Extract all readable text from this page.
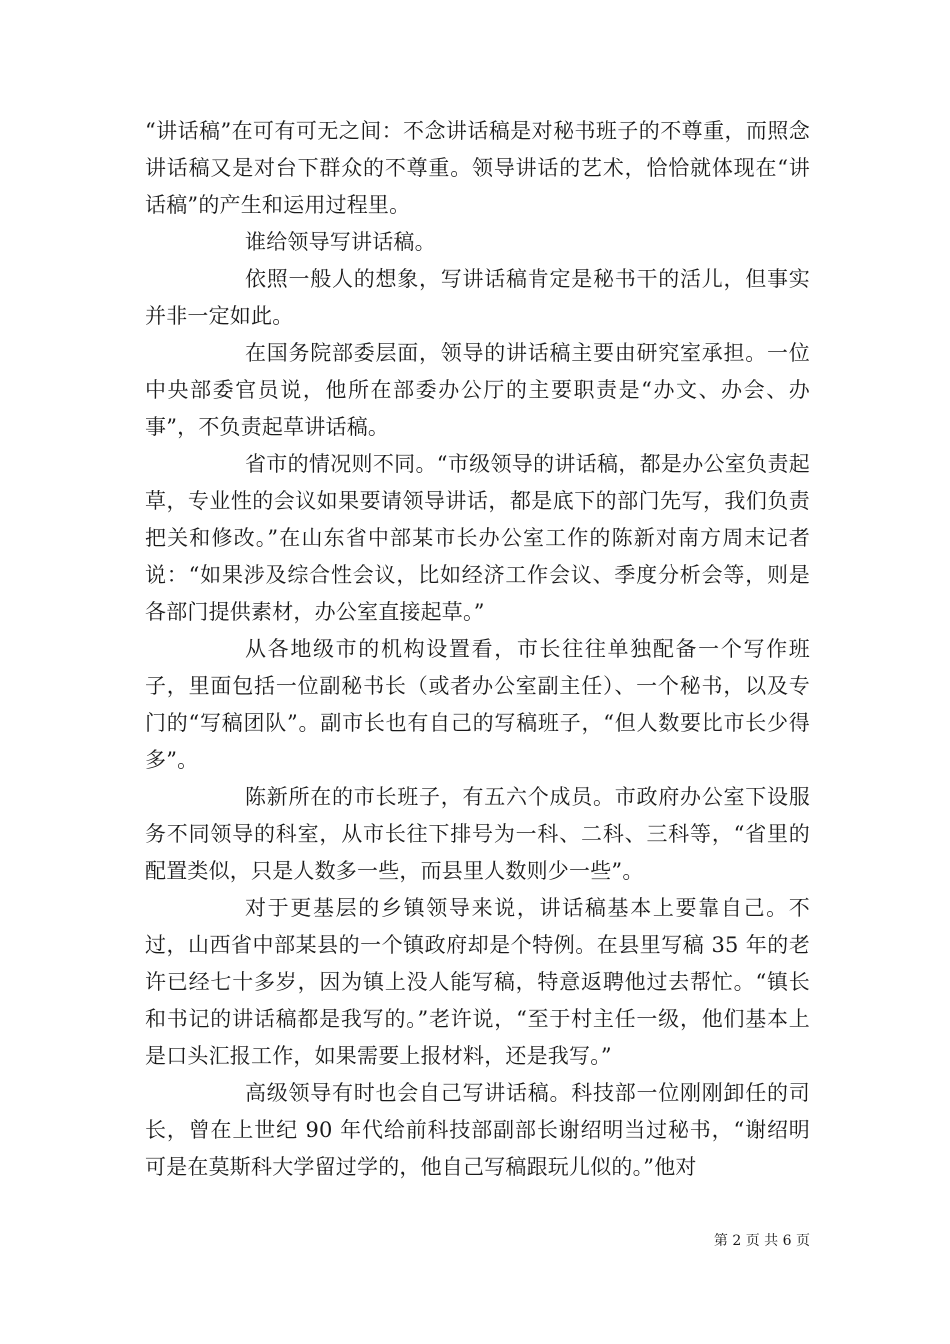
“讲话稿”在可有可无之间：不念讲话稿是对秘书班子的不尊重，而照念讲话稿又是对台下群众的不尊重。领导讲话的艺术，恰恰就体现在“讲话稿”的产生和运用过程里。

谁给领导写讲话稿。

依照一般人的想象，写讲话稿肯定是秘书干的活儿，但事实并非一定如此。

在国务院部委层面，领导的讲话稿主要由研究室承担。一位中央部委官员说，他所在部委办公厅的主要职责是“办文、办会、办事”，不负责起草讲话稿。

省市的情况则不同。“市级领导的讲话稿，都是办公室负责起草，专业性的会议如果要请领导讲话，都是底下的部门先写，我们负责把关和修改。”在山东省中部某市长办公室工作的陈新对南方周末记者说：“如果涉及综合性会议，比如经济工作会议、季度分析会等，则是各部门提供素材，办公室直接起草。”

从各地级市的机构设置看，市长往往单独配备一个写作班子，里面包括一位副秘书长（或者办公室副主任）、一个秘书，以及专门的“写稿团队”。副市长也有自己的写稿班子，“但人数要比市长少得多”。

陈新所在的市长班子，有五六个成员。市政府办公室下设服务不同领导的科室，从市长往下排号为一科、二科、三科等，“省里的配置类似，只是人数多一些，而县里人数则少一些”。

对于更基层的乡镇领导来说，讲话稿基本上要靠自己。不过，山西省中部某县的一个镇政府却是个特例。在县里写稿 35 年的老许已经七十多岁，因为镇上没人能写稿，特意返聘他过去帮忙。“镇长和书记的讲话稿都是我写的。”老许说，“至于村主任一级，他们基本上是口头汇报工作，如果需要上报材料，还是我写。”

高级领导有时也会自己写讲话稿。科技部一位刚刚卸任的司长，曾在上世纪 90 年代给前科技部副部长谢绍明当过秘书，“谢绍明可是在莫斯科大学留过学的，他自己写稿跟玩儿似的。”他对

第 2 页 共 6 页
